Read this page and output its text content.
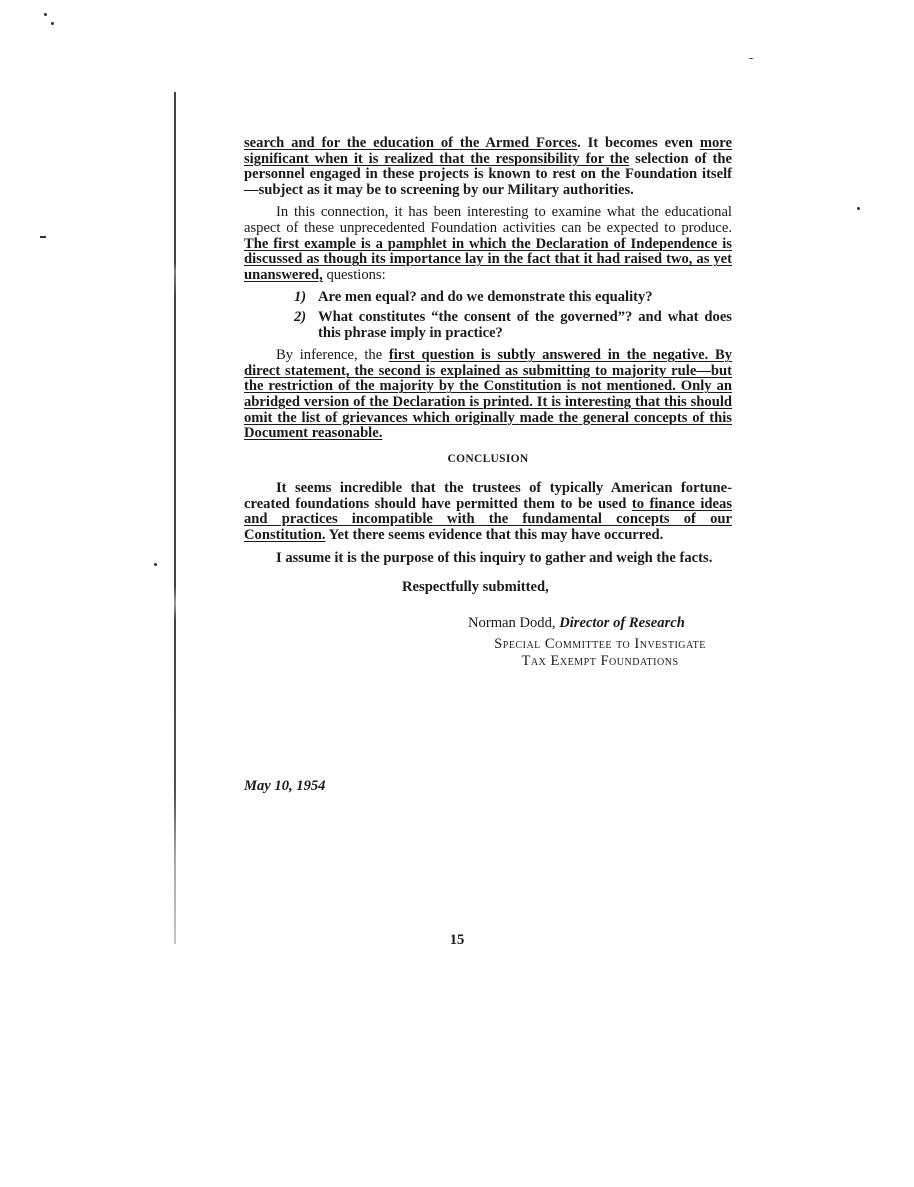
search and for the education of the Armed Forces. It becomes even more significant when it is realized that the responsibility for the selection of the personnel engaged in these projects is known to rest on the Foundation itself—subject as it may be to screening by our Military authorities.

In this connection, it has been interesting to examine what the educational aspect of these unprecedented Foundation activities can be expected to produce. The first example is a pamphlet in which the Declaration of Independence is discussed as though its importance lay in the fact that it had raised two, as yet unanswered, questions:

1) Are men equal? and do we demonstrate this equality?
2) What constitutes “the consent of the governed”? and what does this phrase imply in practice?

By inference, the first question is subtly answered in the negative. By direct statement, the second is explained as submitting to majority rule—but the restriction of the majority by the Constitution is not mentioned. Only an abridged version of the Declaration is printed. It is interesting that this should omit the list of grievances which originally made the general concepts of this Document reasonable.

CONCLUSION

It seems incredible that the trustees of typically American fortune-created foundations should have permitted them to be used to finance ideas and practices incompatible with the fundamental concepts of our Constitution. Yet there seems evidence that this may have occurred.

I assume it is the purpose of this inquiry to gather and weigh the facts.

Respectfully submitted,

Norman Dodd, Director of Research

Special Committee to Investigate

Tax Exempt Foundations

May 10, 1954
15
